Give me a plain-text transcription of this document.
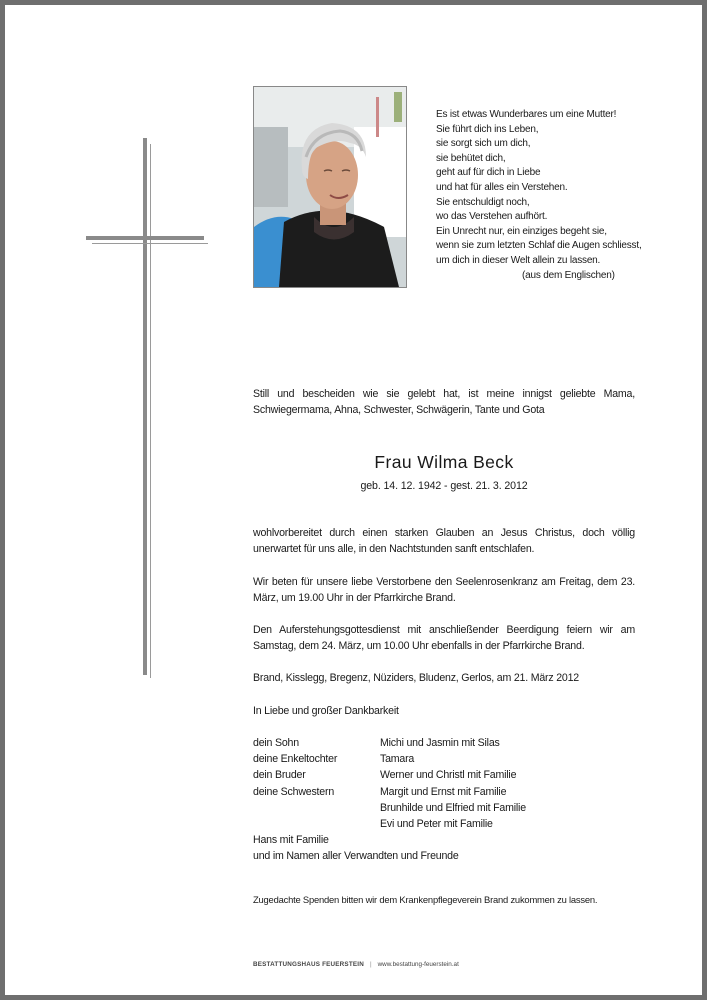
Es ist etwas Wunderbares um eine Mutter!
Sie führt dich ins Leben,
sie sorgt sich um dich,
sie behütet dich,
geht auf für dich in Liebe
und hat für alles ein Verstehen.
Sie entschuldigt noch,
wo das Verstehen aufhört.
Ein Unrecht nur, ein einziges begeht sie,
wenn sie zum letzten Schlaf die Augen schliesst,
um dich in dieser Welt allein zu lassen.
(aus dem Englischen)
Still und bescheiden wie sie gelebt hat, ist meine innigst geliebte Mama, Schwiegermama, Ahna, Schwester, Schwägerin, Tante und Gota
Frau Wilma Beck
geb. 14. 12. 1942 - gest. 21. 3. 2012
wohlvorbereitet durch einen starken Glauben an Jesus Christus, doch völlig unerwartet für uns alle, in den Nachtstunden sanft entschlafen.
Wir beten für unsere liebe Verstorbene den Seelenrosenkranz am Freitag, dem 23. März, um 19.00 Uhr in der Pfarrkirche Brand.
Den Auferstehungsgottesdienst mit anschließender Beerdigung feiern wir am Samstag, dem 24. März, um 10.00 Uhr ebenfalls in der Pfarrkirche Brand.
Brand, Kisslegg, Bregenz, Nüziders, Bludenz, Gerlos, am 21. März 2012
In Liebe und großer Dankbarkeit
dein Sohn	Michi und Jasmin mit Silas
deine Enkeltochter	Tamara
dein Bruder	Werner und Christl mit Familie
deine Schwestern	Margit und Ernst mit Familie
Brunhilde und Elfried mit Familie
Evi und Peter mit Familie
Hans mit Familie
und im Namen aller Verwandten und Freunde
Zugedachte Spenden bitten wir dem Krankenpflegeverein Brand zukommen zu lassen.
BESTATTUNGSHAUS FEUERSTEIN | www.bestattung-feuerstein.at
